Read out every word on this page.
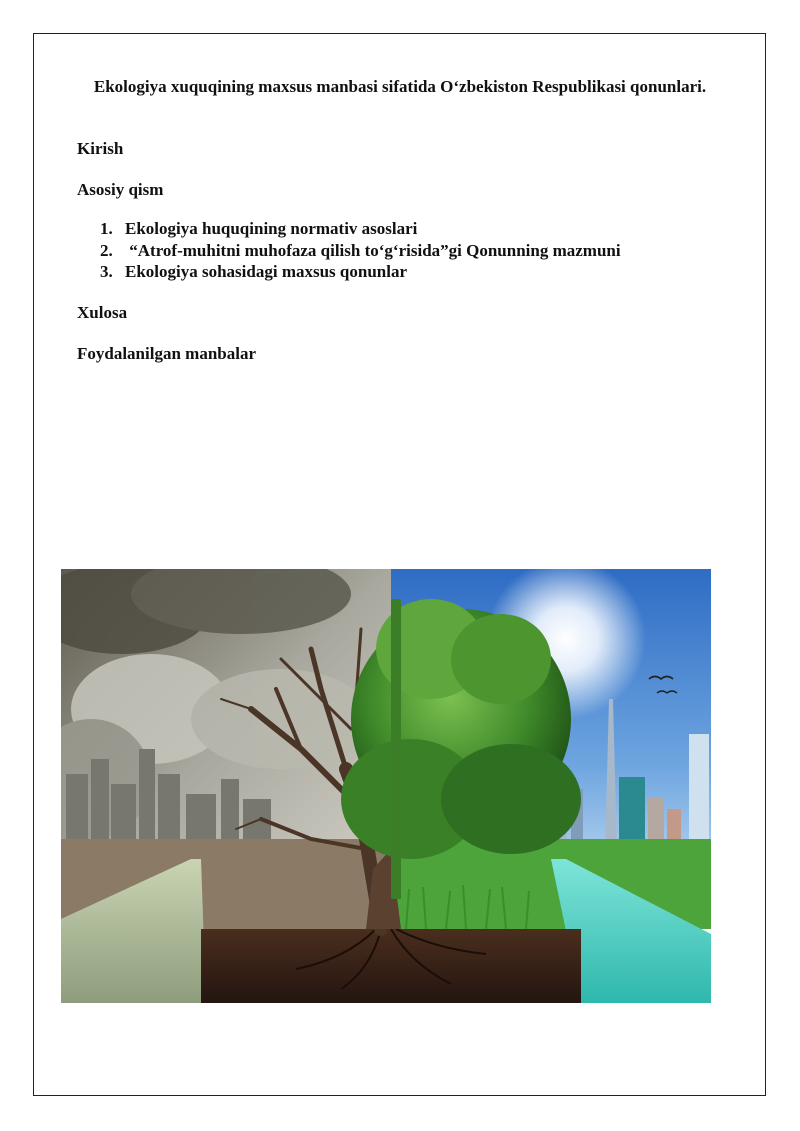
Ekologiya xuquqining maxsus manbasi sifatida O‘zbekiston Respublikasi qonunlari.
Kirish
Asosiy qism
1. Ekologiya huquqining normativ asoslari
2. “Atrof-muhitni muhofaza qilish to‘g‘risida”gi Qonunning mazmuni
3. Ekologiya sohasidagi maxsus qonunlar
Xulosa
Foydalanilgan manbalar
